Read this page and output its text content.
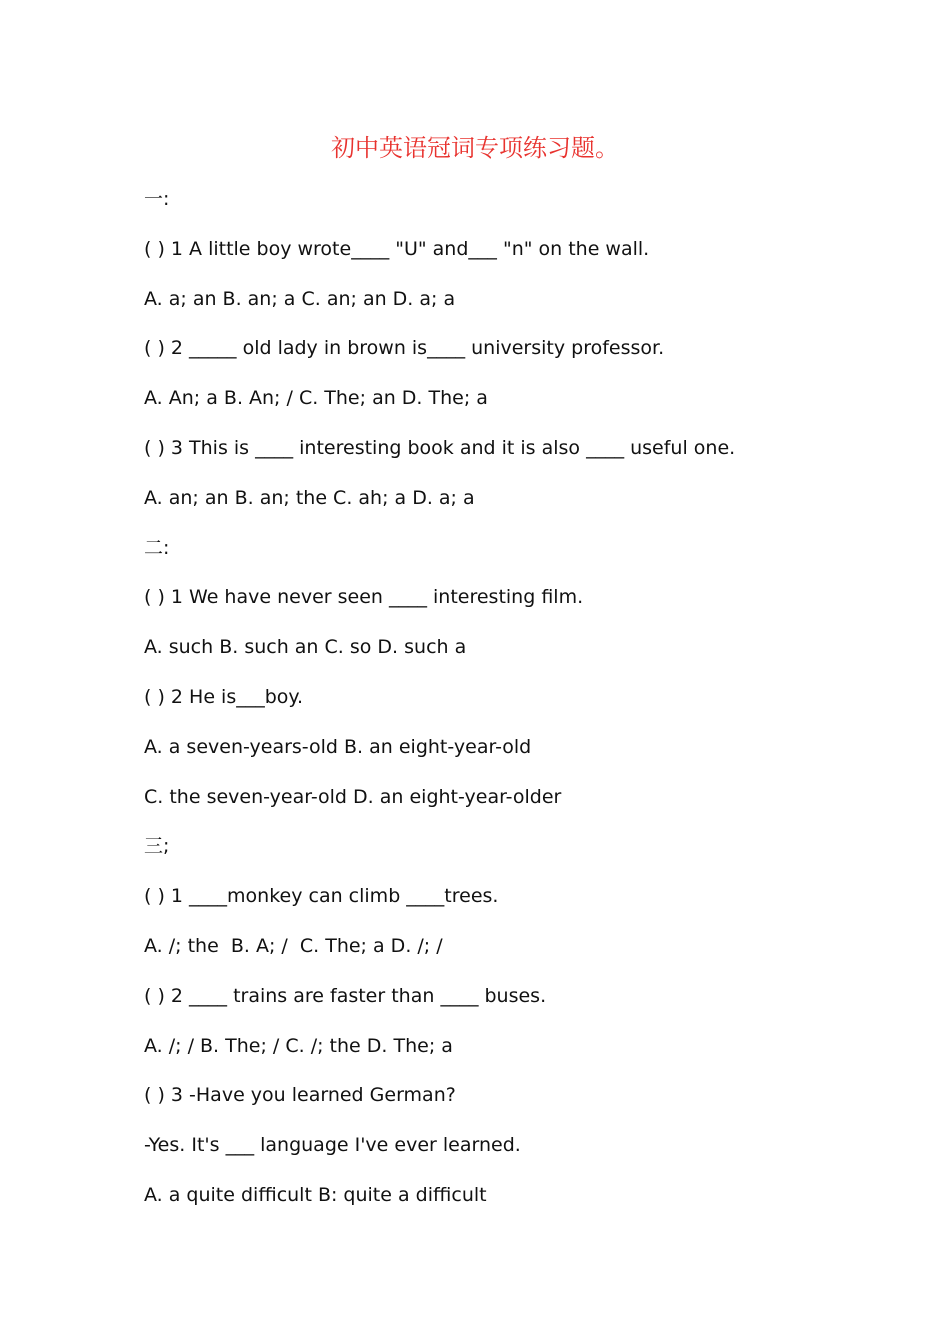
初中英语冠词专项练习题。
一:
( ) 1 A little boy wrote____ "U" and___ "n" on the wall.
A. a; an B. an; a C. an; an D. a; a
( ) 2 _____ old lady in brown is____ university professor.
A. An; a B. An; / C. The; an D. The; a
( ) 3 This is ____ interesting book and it is also ____ useful one.
A. an; an B. an; the C. ah; a D. a; a
二:
( ) 1 We have never seen ____ interesting film.
A. such B. such an C. so D. such a
( ) 2 He is___boy.
A. a seven-years-old B. an eight-year-old
C. the seven-year-old D. an eight-year-older
三;
( ) 1 ____monkey can climb ____trees.
A. /; the  B. A; /  C. The; a D. /; /
( ) 2 ____ trains are faster than ____ buses.
A. /; / B. The; / C. /; the D. The; a
( ) 3 -Have you learned German?
-Yes. It's ___ language I've ever learned.
A. a quite difficult B: quite a difficult
